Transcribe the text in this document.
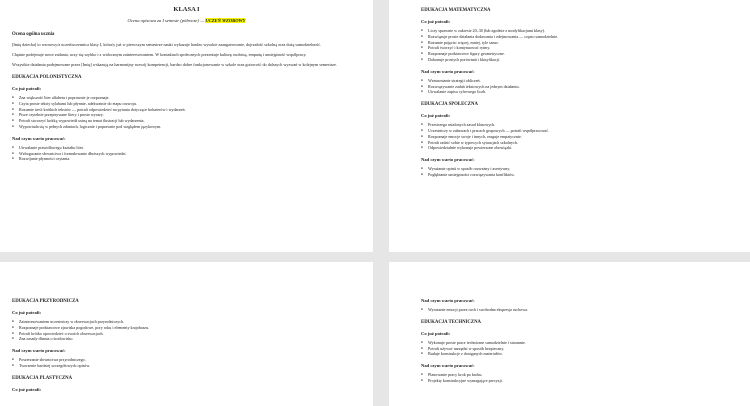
KLASA I
Ocena opisowa za I semestr (półrocze) — UCZEŃ WZOROWY
Ocena ogólna ucznia
[Imię dziecka] to wzorowy/a uczeń/uczennica klasy I, która/y już w pierwszym semestrze nauki wykazuje bardzo wysokie zaangażowanie, dojrzałość szkolną oraz dużą samodzielność.
Chętnie podejmuje nowe zadania, uczy się szybko i z widocznym zainteresowaniem. W kontaktach społecznych prezentuje kulturę osobistą, empatię i umiejętność współpracy.
Wszystkie działania podejmowane przez [Imię] wskazują na harmonijny rozwój kompetencji, bardzo dobre funkcjonowanie w szkole oraz gotowość do dalszych wyzwań w kolejnym semestrze.
EDUKACJA POLONISTYCZNA
Co już potrafi:
● Zna większość liter alfabetu i poprawnie je rozpoznaje.
● Czyta proste teksty sylabami lub płynnie, adekwatnie do etapu rozwoju.
● Rozumie treść krótkich tekstów — potrafi odpowiedzieć na pytania dotyczące bohaterów i wydarzeń.
● Pisze czytelnie przepisywane litery i proste wyrazy.
● Potrafi stworzyć krótką wypowiedź ustną na temat ilustracji lub wydarzenia.
● Wypowiada się w pełnych zdaniach, logicznie i poprawnie pod względem językowym.
Nad czym warto pracować:
● Utrwalanie prawidłowego kształtu liter.
● Wzbogacanie słownictwa i formułowanie dłuższych wypowiedzi.
● Rozwijanie płynności czytania.
EDUKACJA MATEMATYCZNA
Co już potrafi:
● Liczy sprawnie w zakresie 20–30 (lub zgodnie z modyfikacjami klasy).
● Rozwiązuje proste działania dodawania i odejmowania — często samodzielnie.
● Rozumie pojęcia: więcej, mniej, tyle samo.
● Potrafi tworzyć i kontynuować rytmy.
● Rozpoznaje podstawowe figury geometryczne.
● Dokonuje prostych porównań i klasyfikacji.
Nad czym warto pracować:
● Wzmacnianie strategii obliczeń.
● Rozwiązywanie zadań tekstowych na jednym działaniu.
● Utrwalanie zapisu cyfrowego liczb.
EDUKACJA SPOŁECZNA
Co już potrafi:
● Przestrzega ustalonych zasad klasowych.
● Uczestniczy w zabawach i pracach grupowych — potrafi współpracować.
● Rozpoznaje emocje swoje i innych, reaguje empatycznie.
● Potrafi radzić sobie w typowych sytuacjach szkolnych.
● Odpowiedzialnie wykonuje powierzone obowiązki.
Nad czym warto pracować:
● Wyrażanie opinii w sposób rozważny i asertywny.
● Pogłębianie umiejętności rozwiązywania konfliktów.
EDUKACJA PRZYRODNICZA
Co już potrafi:
● Zainteresowaniem uczestniczy w obserwacjach przyrodniczych.
● Rozpoznaje podstawowe zjawiska pogodowe, pory roku i elementy krajobrazu.
● Potrafi krótko opowiedzieć o swoich obserwacjach.
● Zna zasady dbania o środowisko.
Nad czym warto pracować:
● Poszerzanie słownictwa przyrodniczego.
● Tworzenie bardziej szczegółowych opisów.
EDUKACJA PLASTYCZNA
Co już potrafi:
Nad czym warto pracować:
● Wyrażanie emocji przez ruch i swobodna ekspresja ruchowa.
EDUKACJA TECHNICZNA
Co już potrafi:
● Wykonuje proste prace techniczne samodzielnie i starannie.
● Potrafi używać narzędzi w sposób bezpieczny.
● Buduje konstrukcje z dostępnych materiałów.
Nad czym warto pracować:
● Planowanie pracy krok po kroku.
● Projekty konstrukcyjne wymagające precyzji.
